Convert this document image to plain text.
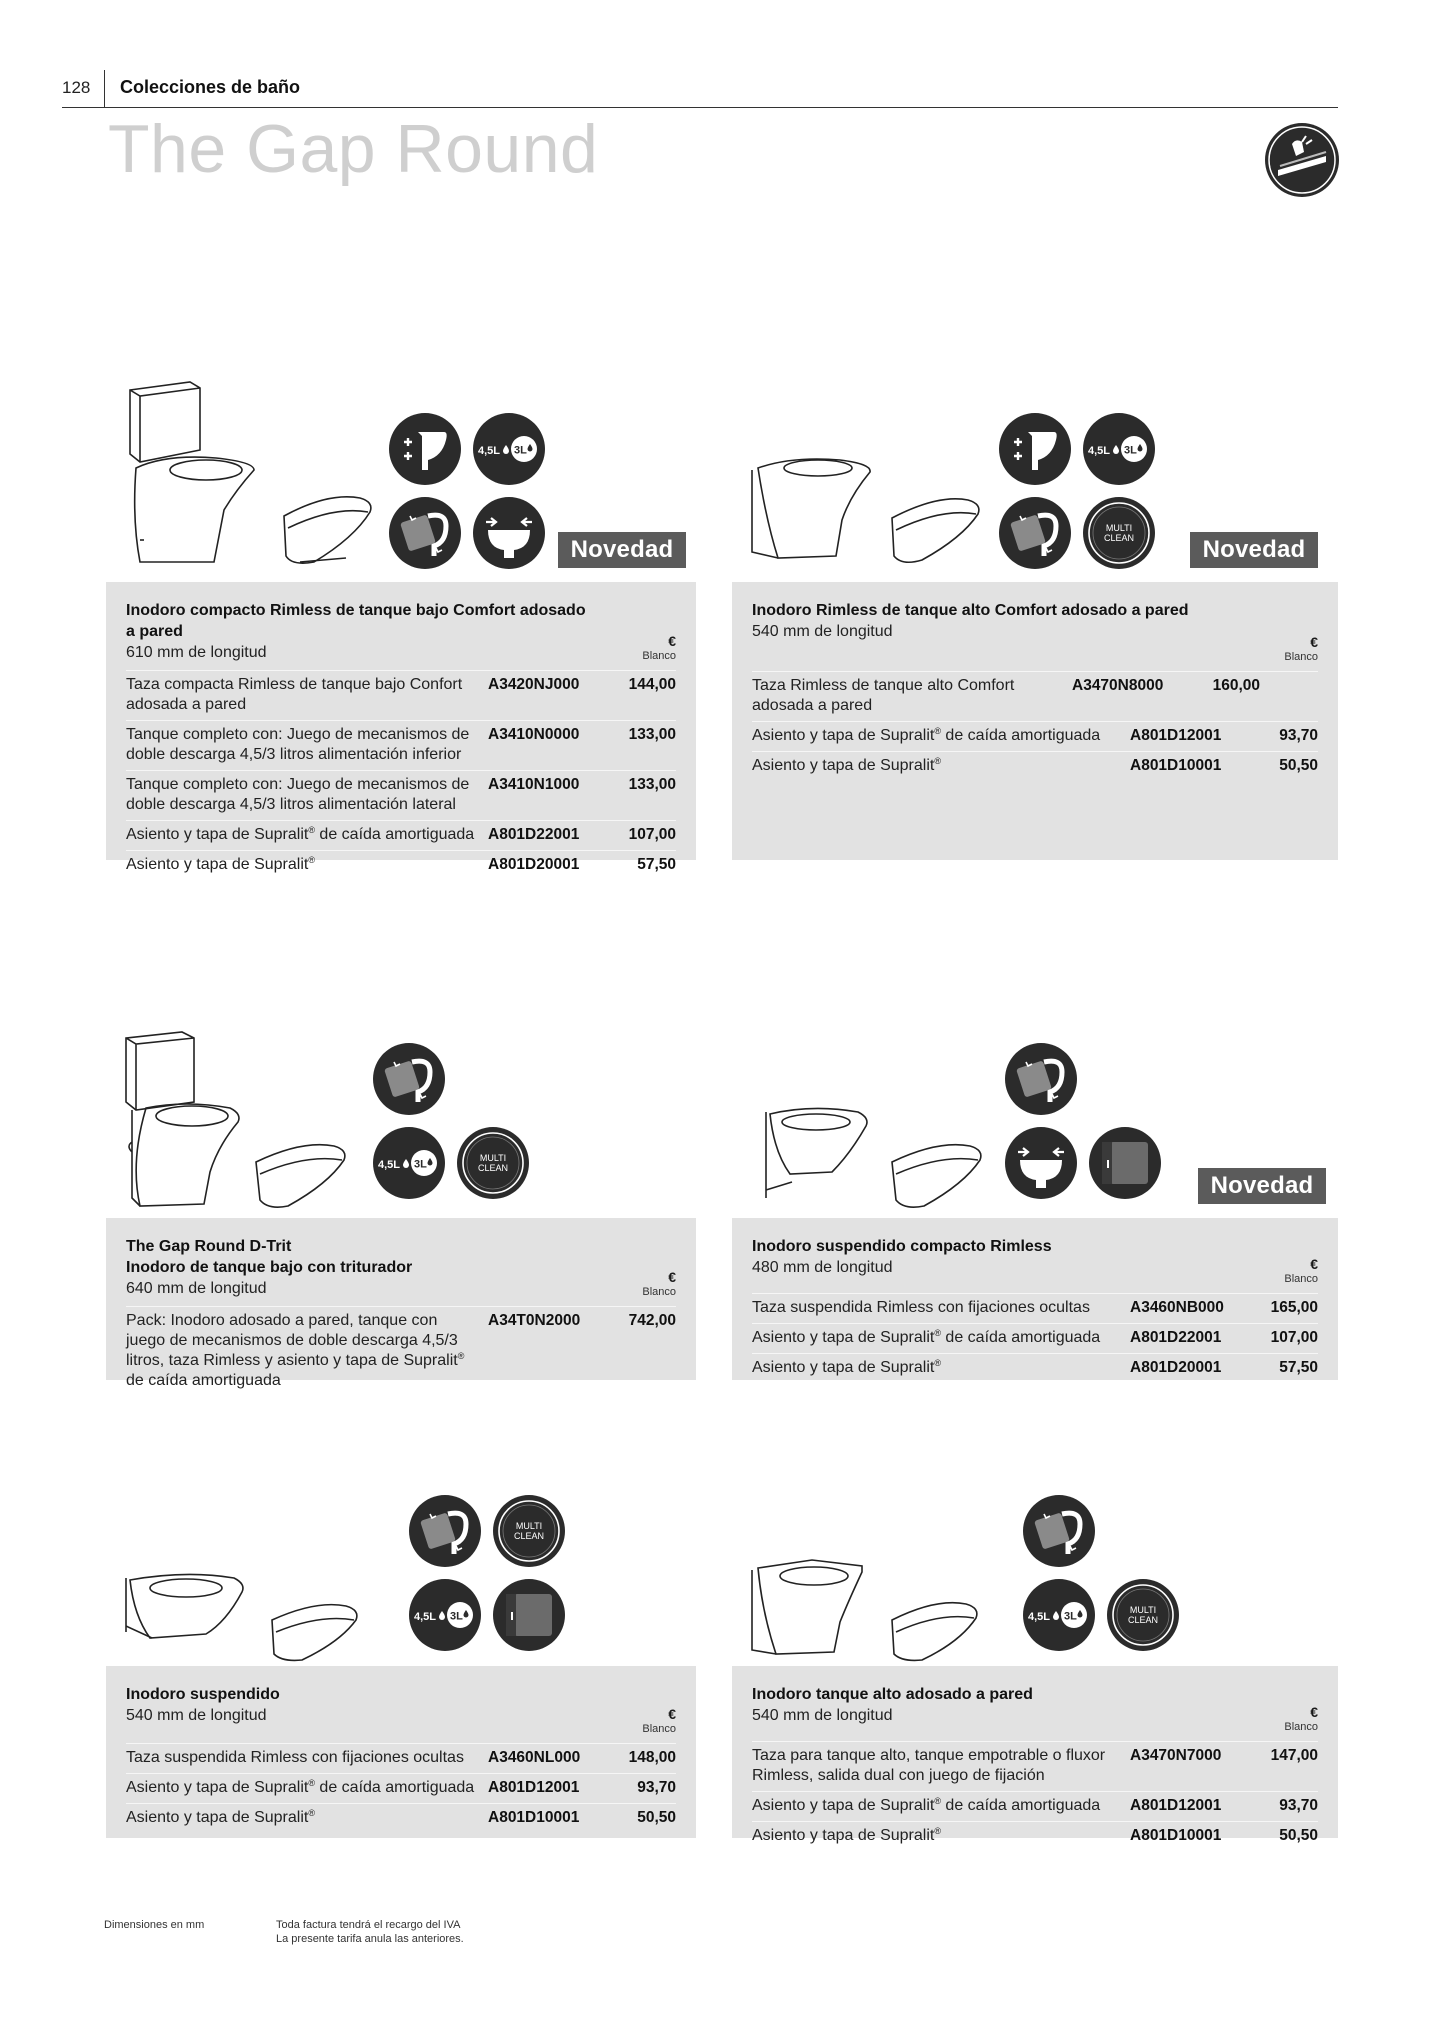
128 Colecciones de baño
The Gap Round
Novedad
Inodoro compacto Rimless de tanque bajo Comfort adosado a pared
610 mm de longitud
€
Blanco
Taza compacta Rimless de tanque bajo Confort adosada a pared
A3420NJ000	144,00
Tanque completo con: Juego de mecanismos de doble descarga 4,5/3 litros alimentación inferior
A3410N0000	133,00
Tanque completo con: Juego de mecanismos de doble descarga 4,5/3 litros alimentación lateral
A3410N1000	133,00
Asiento y tapa de Supralit® de caída amortiguada A801D22001	107,00
Asiento y tapa de Supralit®	A801D20001	57,50
MULTI
CLEAN	Novedad
Inodoro Rimless de tanque alto Comfort adosado a pared
540 mm de longitud
€
Blanco
Taza Rimless de tanque alto Comfort adosada a pared
A3470N8000	160,00
Asiento y tapa de Supralit® de caída amortiguada	A801D12001	93,70
Asiento y tapa de Supralit®	A801D10001	50,50
MULTI
CLEAN
The Gap Round D-Trit
Inodoro de tanque bajo con triturador
640 mm de longitud
€
Blanco
Pack: Inodoro adosado a pared, tanque con juego de mecanismos de doble descarga 4,5/3 litros, taza Rimless y asiento y tapa de Supralit® de caída amortiguada
A34T0N2000	742,00
Novedad
Inodoro suspendido compacto Rimless
480 mm de longitud	€
Blanco
Taza suspendida Rimless con fijaciones ocultas	A3460NB000	165,00
Asiento y tapa de Supralit® de caída amortiguada	A801D22001	107,00
Asiento y tapa de Supralit®	A801D20001	57,50
MULTI
CLEAN
Inodoro suspendido
540 mm de longitud	€
Blanco
Taza suspendida Rimless con fijaciones ocultas	A3460NL000	148,00
Asiento y tapa de Supralit® de caída amortiguada A801D12001	93,70
Asiento y tapa de Supralit®	A801D10001	50,50
MULTI
CLEAN
Inodoro tanque alto adosado a pared
540 mm de longitud	€
Blanco
Taza para tanque alto, tanque empotrable o fluxor Rimless, salida dual con juego de fijación
A3470N7000	147,00
Asiento y tapa de Supralit® de caída amortiguada	A801D12001	93,70
Asiento y tapa de Supralit®	A801D10001	50,50
Dimensiones en mm	Toda factura tendrá el recargo del IVA
La presente tarifa anula las anteriores.
